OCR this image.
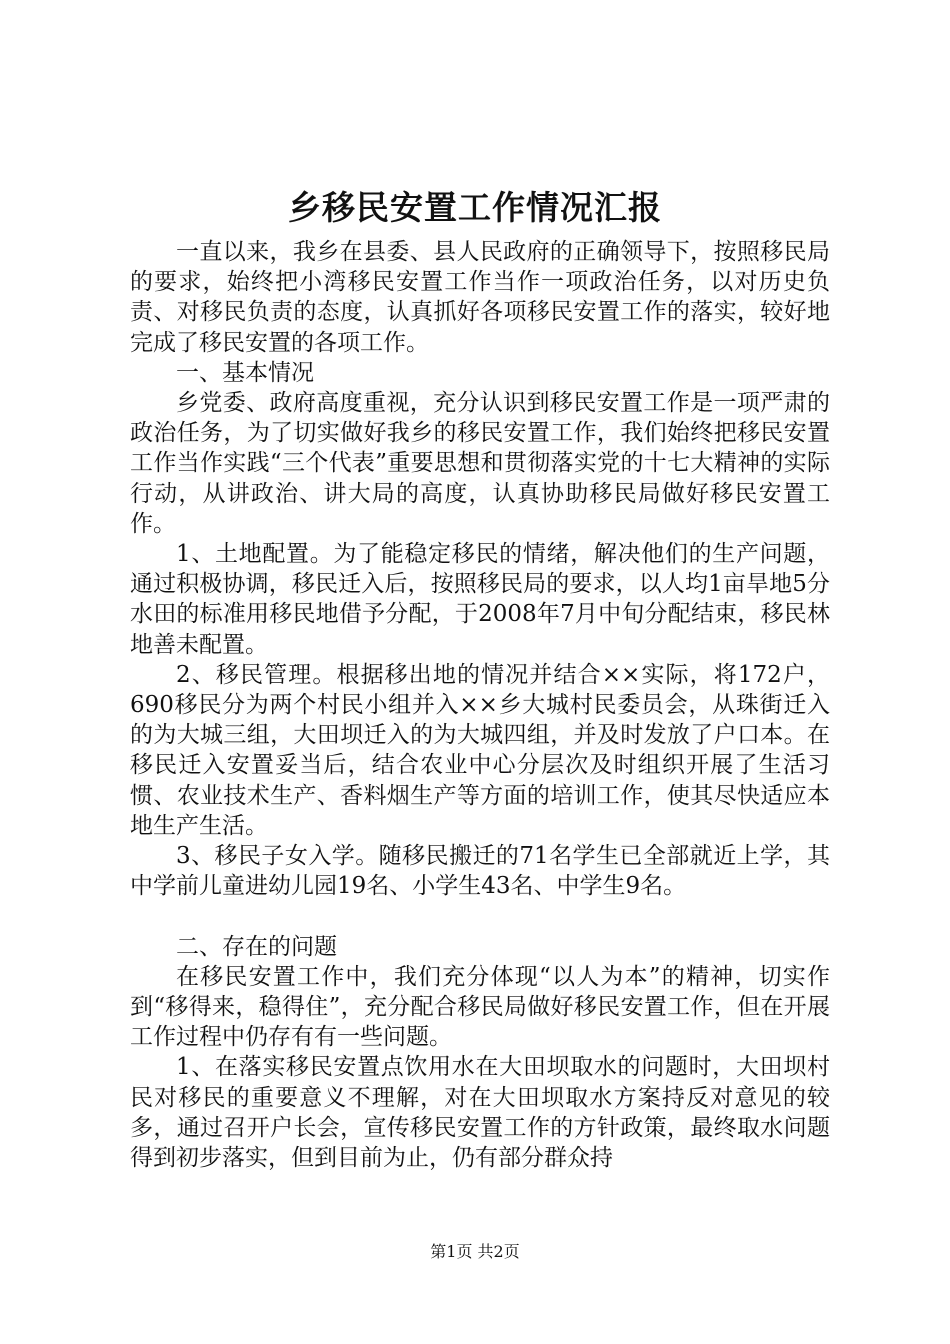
乡移民安置工作情况汇报

一直以来，我乡在县委、县人民政府的正确领导下，按照移民局的要求，始终把小湾移民安置工作当作一项政治任务，以对历史负责、对移民负责的态度，认真抓好各项移民安置工作的落实，较好地完成了移民安置的各项工作。

一、基本情况

乡党委、政府高度重视，充分认识到移民安置工作是一项严肃的政治任务，为了切实做好我乡的移民安置工作，我们始终把移民安置工作当作实践“三个代表”重要思想和贯彻落实党的十七大精神的实际行动，从讲政治、讲大局的高度，认真协助移民局做好移民安置工作。

1、土地配置。为了能稳定移民的情绪，解决他们的生产问题，通过积极协调，移民迁入后，按照移民局的要求，以人均1亩旱地5分水田的标准用移民地借予分配，于2008年7月中旬分配结束，移民林地善未配置。

2、移民管理。根据移出地的情况并结合××实际，将172户，690移民分为两个村民小组并入××乡大城村民委员会，从珠街迁入的为大城三组，大田坝迁入的为大城四组，并及时发放了户口本。在移民迁入安置妥当后，结合农业中心分层次及时组织开展了生活习惯、农业技术生产、香料烟生产等方面的培训工作，使其尽快适应本地生产生活。

3、移民子女入学。随移民搬迁的71名学生已全部就近上学，其中学前儿童进幼儿园19名、小学生43名、中学生9名。

二、存在的问题

在移民安置工作中，我们充分体现“以人为本”的精神，切实作到“移得来，稳得住”，充分配合移民局做好移民安置工作，但在开展工作过程中仍存有有一些问题。

1、在落实移民安置点饮用水在大田坝取水的问题时，大田坝村民对移民的重要意义不理解，对在大田坝取水方案持反对意见的较多，通过召开户长会，宣传移民安置工作的方针政策，最终取水问题得到初步落实，但到目前为止，仍有部分群众持

第1页 共2页
